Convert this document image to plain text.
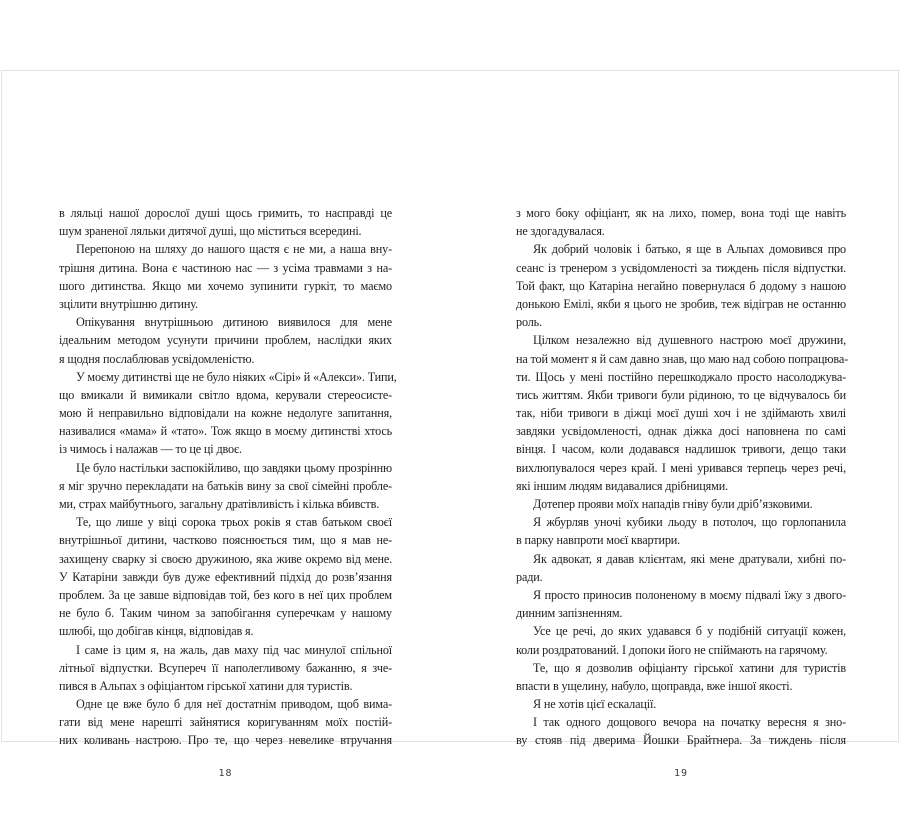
в ляльці нашої дорослої душі щось гримить, то насправді це
шум зраненої ляльки дитячої душі, що міститься всередині.
Перепоною на шляху до нашого щастя є не ми, а наша вну-
трішня дитина. Вона є частиною нас — з усіма травмами з на-
шого дитинства. Якщо ми хочемо зупинити гуркіт, то маємо
зцілити внутрішню дитину.
Опікування внутрішньою дитиною виявилося для мене
ідеальним методом усунути причини проблем, наслідки яких
я щодня послаблював усвідомленістю.
У моєму дитинстві ще не було ніяких «Сірі» й «Алекси». Типи,
що вмикали й вимикали світло вдома, керували стереосисте-
мою й неправильно відповідали на кожне недолуге запитання,
називалися «мама» й «тато». Тож якщо в моєму дитинстві хтось
із чимось і налажав — то це ці двоє.
Це було настільки заспокійливо, що завдяки цьому прозрінню
я міг зручно перекладати на батьків вину за свої сімейні пробле-
ми, страх майбутнього, загальну дратівливість і кілька вбивств.
Те, що лише у віці сорока трьох років я став батьком своєї
внутрішньої дитини, частково пояснюється тим, що я мав не-
захищену сварку зі своєю дружиною, яка живе окремо від мене.
У Катаріни завжди був дуже ефективний підхід до розв’язання
проблем. За це завше відповідав той, без кого в неї цих проблем
не було б. Таким чином за запобігання суперечкам у нашому
шлюбі, що добігав кінця, відповідав я.
І саме із цим я, на жаль, дав маху під час минулої спільної
літньої відпустки. Всупереч її наполегливому бажанню, я зче-
пився в Альпах з офіціантом гірської хатини для туристів.
Одне це вже було б для неї достатнім приводом, щоб вима-
гати від мене нарешті зайнятися коригуванням моїх постій-
них коливань настрою. Про те, що через невелике втручання
з мого боку офіціант, як на лихо, помер, вона тоді ще навіть
не здогадувалася.
Як добрий чоловік і батько, я ще в Альпах домовився про
сеанс із тренером з усвідомленості за тиждень після відпустки.
Той факт, що Катаріна негайно повернулася б додому з нашою
донькою Емілі, якби я цього не зробив, теж відіграв не останню
роль.
Цілком незалежно від душевного настрою моєї дружини,
на той момент я й сам давно знав, що маю над собою попрацюва-
ти. Щось у мені постійно перешкоджало просто насолоджува-
тись життям. Якби тривоги були рідиною, то це відчувалось би
так, ніби тривоги в діжці моєї душі хоч і не здіймають хвилі
завдяки усвідомленості, однак діжка досі наповнена по самі
вінця. І часом, коли додавався надлишок тривоги, дещо таки
вихлюпувалося через край. І мені уривався терпець через речі,
які іншим людям видавалися дрібницями.
Дотепер прояви моїх нападів гніву були дріб’язковими.
Я жбурляв уночі кубики льоду в потолоч, що горлопанила
в парку навпроти моєї квартири.
Як адвокат, я давав клієнтам, які мене дратували, хибні по-
ради.
Я просто приносив полоненому в моєму підвалі їжу з двого-
динним запізненням.
Усе це речі, до яких удавався б у подібній ситуації кожен,
коли роздратований. І допоки його не спіймають на гарячому.
Те, що я дозволив офіціанту гірської хатини для туристів
впасти в ущелину, набуло, щоправда, вже іншої якості.
Я не хотів цієї ескалації.
І так одного дощового вечора на початку вересня я зно-
ву стояв під дверима Йошки Брайтнера. За тиждень після
18	19
